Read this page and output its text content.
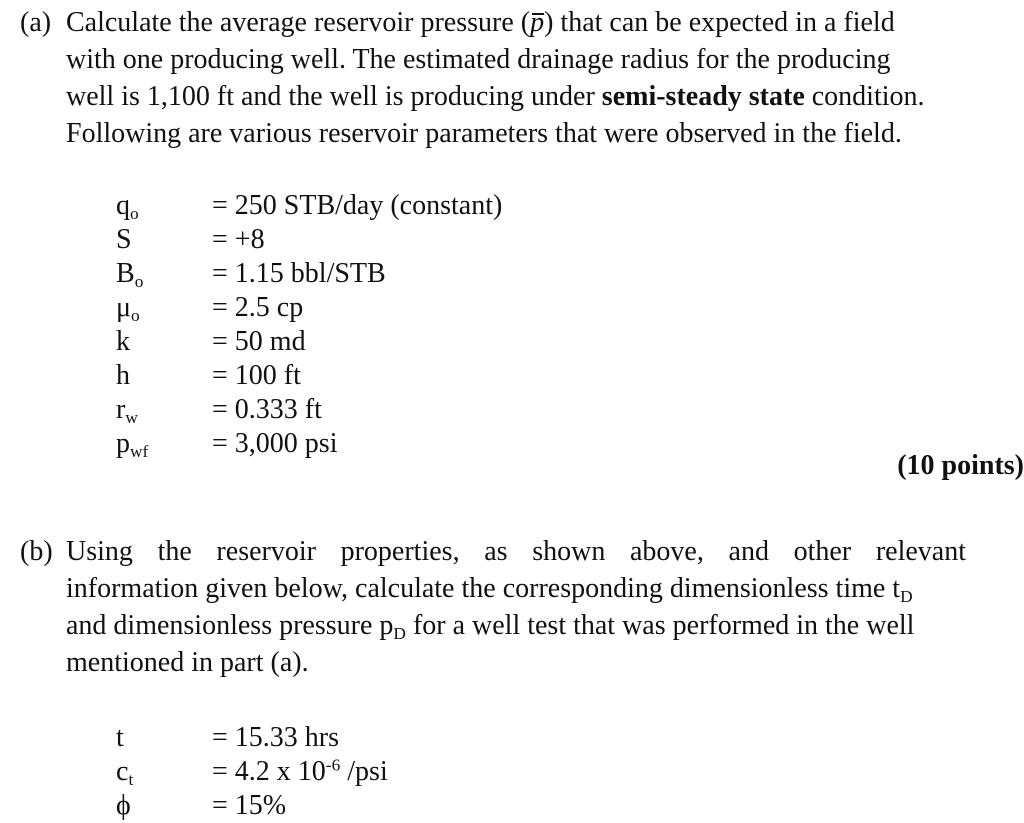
(a) Calculate the average reservoir pressure (p) that can be expected in a field
with one producing well. The estimated drainage radius for the producing
well is 1,100 ft and the well is producing under semi-steady state condition.
Following are various reservoir parameters that were observed in the field.
$q_o$	= 250 STB/day (constant)
S	= +8
$B_o$	= 1.15 bbl/STB
$\mu_o$	= 2.5 cp
k	= 50 md
h	= 100 ft
$r_w$	= 0.333 ft
$p_{wf}$	= 3,000 psi
(10 points)
(b) Using the reservoir properties, as shown above, and other relevant
information given below, calculate the corresponding dimensionless time $t_D$
and dimensionless pressure $p_D$ for a well test that was performed in the well
mentioned in part (a).
t	= 15.33 hrs
$c_t$	= 4.2 x $10^{-6}$ /psi
ϕ	= 15%
